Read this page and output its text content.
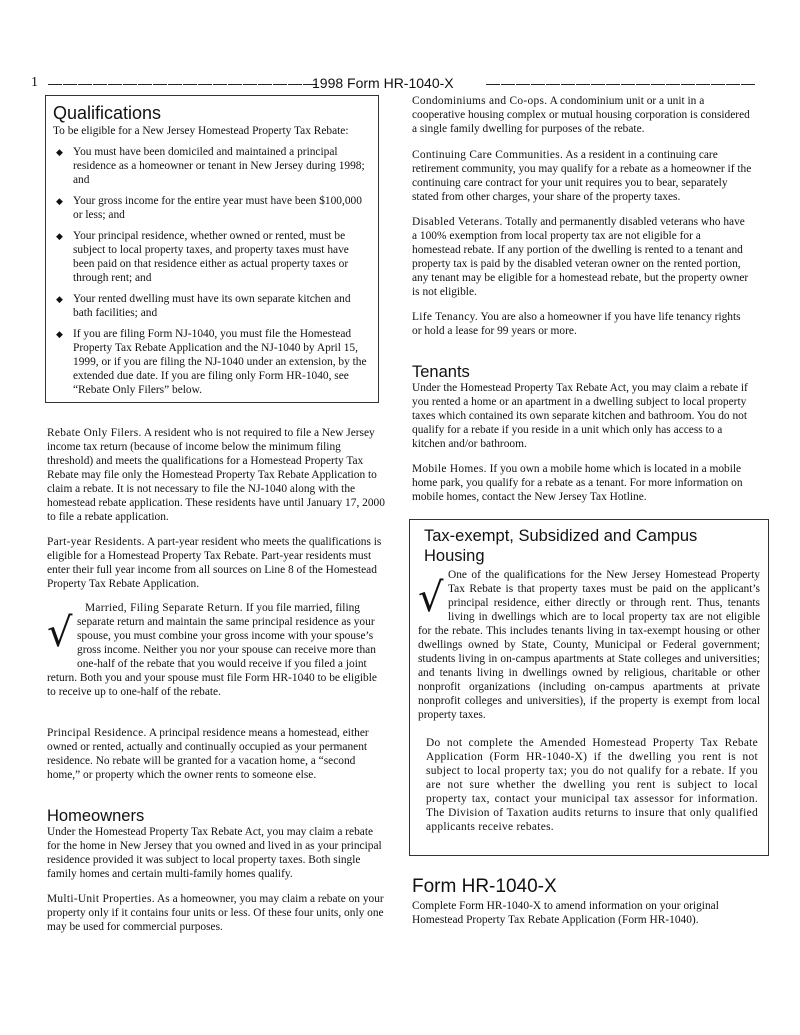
1 ——————————————————
1998 Form HR-1040-X ——————————————————
Qualifications

To be eligible for a New Jersey Homestead Property Tax Rebate:

◆ You must have been domiciled and maintained a principal residence as a homeowner or tenant in New Jersey during 1998; and
◆ Your gross income for the entire year must have been $100,000 or less; and
◆ Your principal residence, whether owned or rented, must be subject to local property taxes, and property taxes must have been paid on that residence either as actual property taxes or through rent; and
◆ Your rented dwelling must have its own separate kitchen and bath facilities; and
◆ If you are filing Form NJ-1040, you must file the Homestead Property Tax Rebate Application and the NJ-1040 by April 15, 1999, or if you are filing the NJ-1040 under an extension, by the extended due date. If you are filing only Form HR-1040, see “Rebate Only Filers” below.

Rebate Only Filers. A resident who is not required to file a New Jersey income tax return (because of income below the minimum filing threshold) and meets the qualifications for a Homestead Property Tax Rebate may file only the Homestead Property Tax Rebate Application to claim a rebate. It is not necessary to file the NJ-1040 along with the homestead rebate application. These residents have until January 17, 2000 to file a rebate application.

Part-year Residents. A part-year resident who meets the qualifications is eligible for a Homestead Property Tax Rebate. Part-year residents must enter their full year income from all sources on Line 8 of the Homestead Property Tax Rebate Application.

√
Married, Filing Separate Return. If you file married, filing separate return and maintain the same principal residence as your spouse, you must combine your gross income with your spouse’s gross income. Neither you nor your spouse can receive more than one-half of the rebate that you would receive if you filed a joint return. Both you and your spouse must file Form HR-1040 to be eligible to receive up to one-half of the rebate.

Principal Residence. A principal residence means a homestead, either owned or rented, actually and continually occupied as your permanent residence. No rebate will be granted for a vacation home, a “second home,” or property which the owner rents to someone else.

Homeowners

Under the Homestead Property Tax Rebate Act, you may claim a rebate for the home in New Jersey that you owned and lived in as your principal residence provided it was subject to local property taxes. Both single family homes and certain multi-family homes qualify.

Multi-Unit Properties. As a homeowner, you may claim a rebate on your property only if it contains four units or less. Of these four units, only one may be used for commercial purposes.

Condominiums and Co-ops. A condominium unit or a unit in a cooperative housing complex or mutual housing corporation is considered a single family dwelling for purposes of the rebate.

Continuing Care Communities. As a resident in a continuing care retirement community, you may qualify for a rebate as a homeowner if the continuing care contract for your unit requires you to bear, separately stated from other charges, your share of the property taxes.

Disabled Veterans. Totally and permanently disabled veterans who have a 100% exemption from local property tax are not eligible for a homestead rebate. If any portion of the dwelling is rented to a tenant and property tax is paid by the disabled veteran owner on the rented portion, any tenant may be eligible for a homestead rebate, but the property owner is not eligible.

Life Tenancy. You are also a homeowner if you have life tenancy rights or hold a lease for 99 years or more.

Tenants

Under the Homestead Property Tax Rebate Act, you may claim a rebate if you rented a home or an apartment in a dwelling subject to local property taxes which contained its own separate kitchen and bathroom. You do not qualify for a rebate if you reside in a unit which only has access to a kitchen and/or bathroom.

Mobile Homes. If you own a mobile home which is located in a mobile home park, you qualify for a rebate as a tenant. For more information on mobile homes, contact the New Jersey Tax Hotline.

Tax-exempt, Subsidized and Campus Housing
√ One of the qualifications for the New Jersey Homestead Property Tax Rebate is that property taxes must be paid on the applicant’s principal residence, either directly or through rent. Thus, tenants living in dwellings which are to local property tax are not eligible for the rebate. This includes tenants living in tax-exempt housing or other dwellings owned by State, County, Municipal or Federal government; students living in on-campus apartments at State colleges and universities; and tenants living in dwellings owned by religious, charitable or other nonprofit organizations (including on-campus apartments at private nonprofit colleges and universities), if the property is exempt from local property taxes.

Do not complete the Amended Homestead Property Tax Rebate Application (Form HR-1040-X) if the dwelling you rent is not subject to local property tax; you do not qualify for a rebate. If you are not sure whether the dwelling you rent is subject to local property tax, contact your municipal tax assessor for information. The Division of Taxation audits returns to insure that only qualified applicants receive rebates.

Form HR-1040-X

Complete Form HR-1040-X to amend information on your original Homestead Property Tax Rebate Application (Form HR-1040).
